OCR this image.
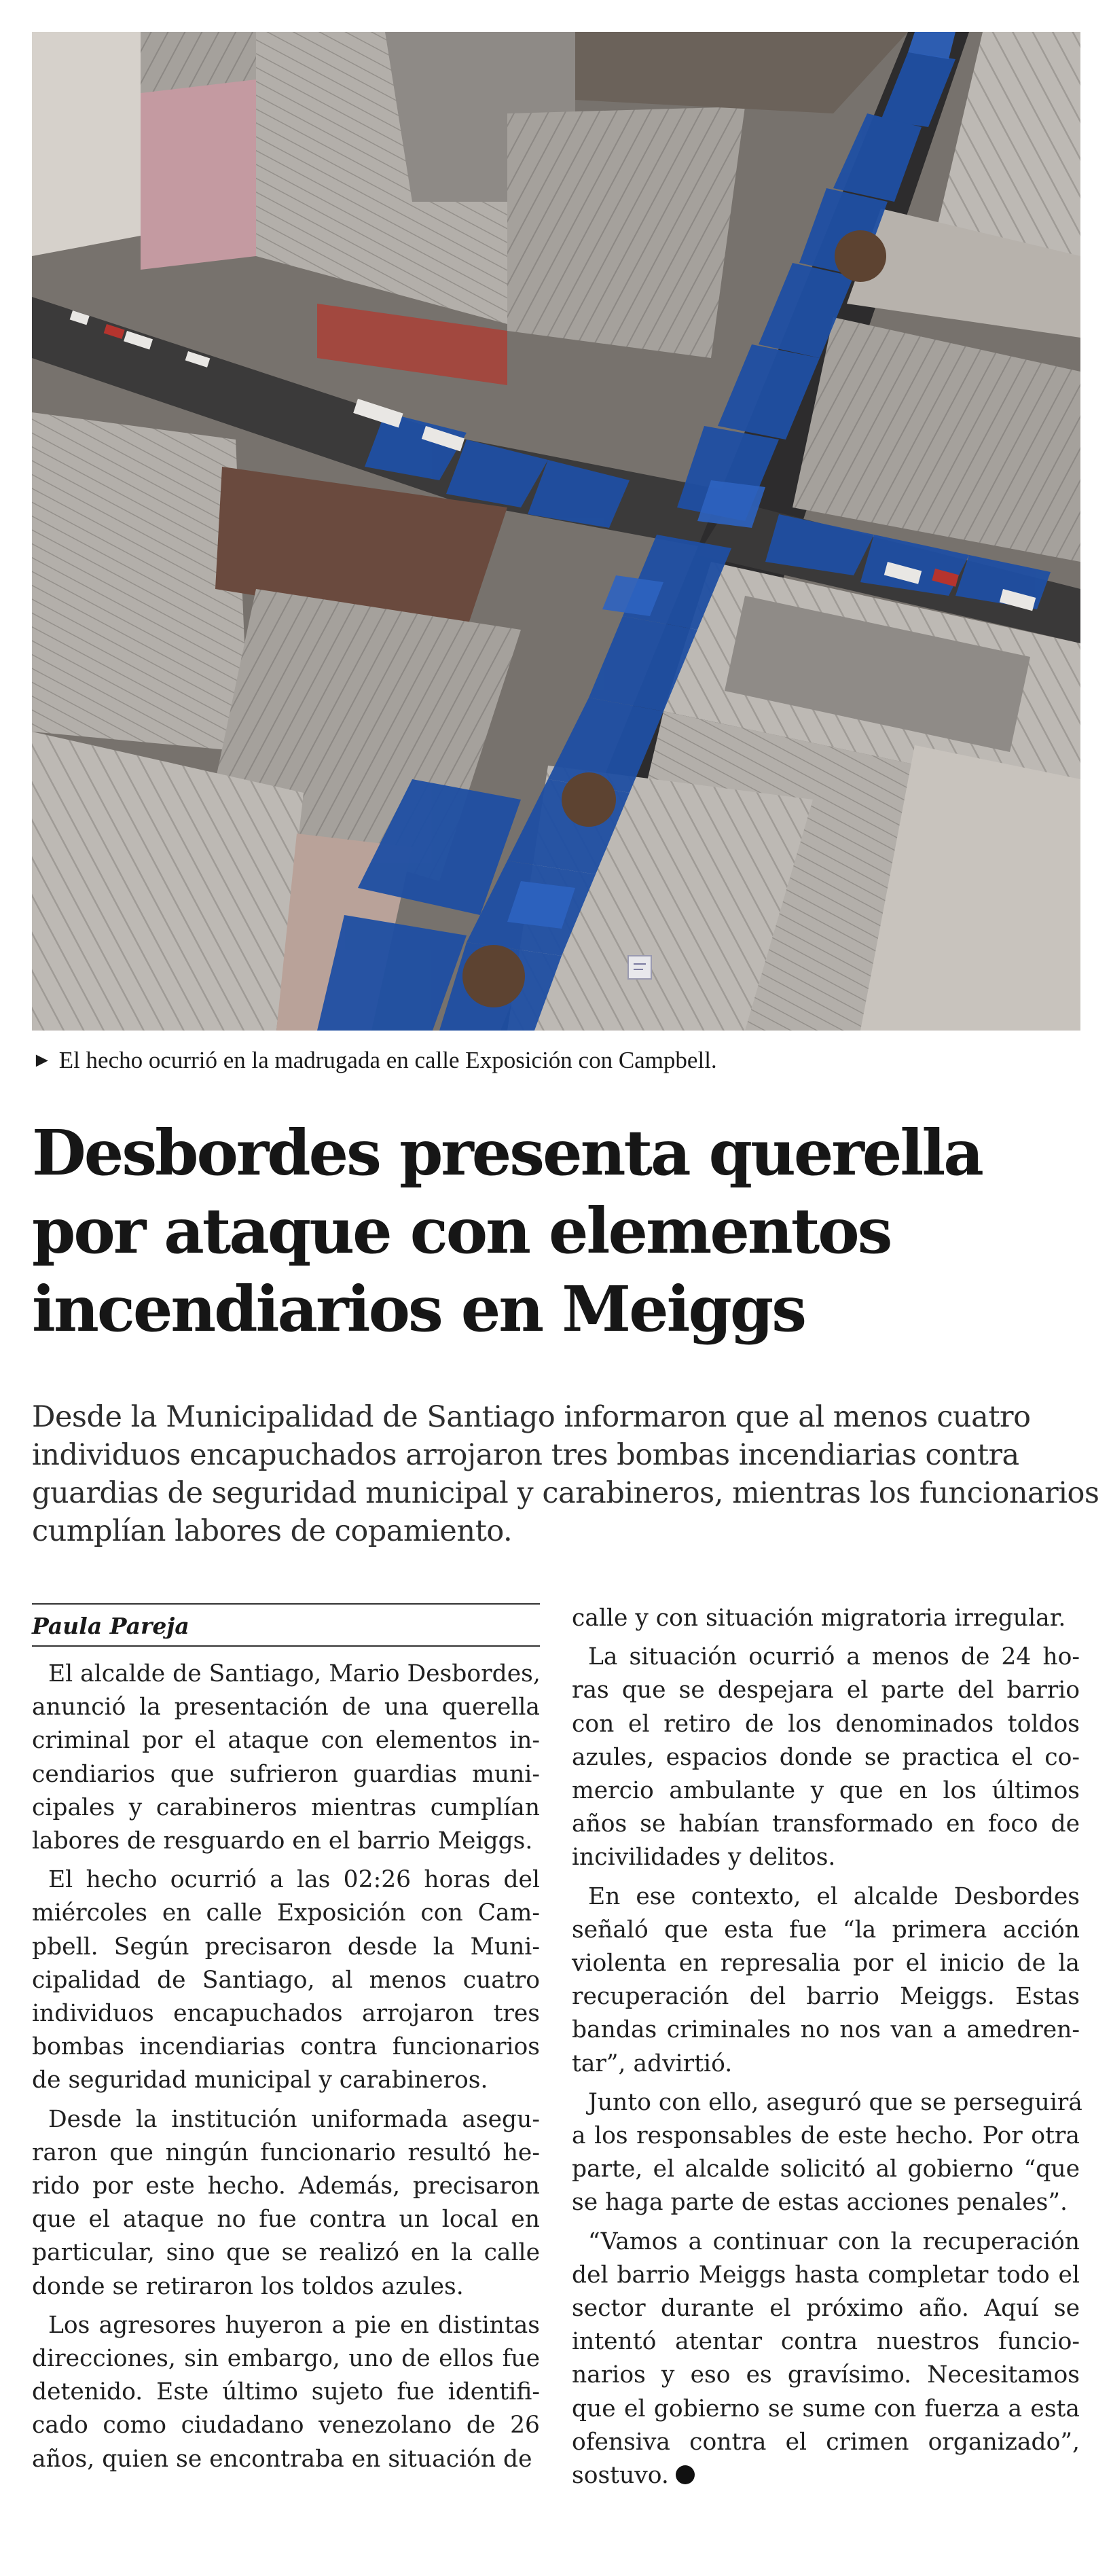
► El hecho ocurrió en la madrugada en calle Exposición con Campbell.
Desbordes presenta querella
por ataque con elementos
incendiarios en Meiggs
Desde la Municipalidad de Santiago informaron que al menos cuatro
individuos encapuchados arrojaron tres bombas incendiarias contra
guardias de seguridad municipal y carabineros, mientras los funcionarios
cumplían labores de copamiento.
Paula Pareja
El alcalde de Santiago, Mario Desbordes,
anunció la presentación de una querella
criminal por el ataque con elementos in-
cendiarios que sufrieron guardias muni-
cipales y carabineros mientras cumplían
labores de resguardo en el barrio Meiggs.
El hecho ocurrió a las 02:26 horas del
miércoles en calle Exposición con Cam-
pbell. Según precisaron desde la Muni-
cipalidad de Santiago, al menos cuatro
individuos encapuchados arrojaron tres
bombas incendiarias contra funcionarios
de seguridad municipal y carabineros.
Desde la institución uniformada asegu-
raron que ningún funcionario resultó he-
rido por este hecho. Además, precisaron
que el ataque no fue contra un local en
particular, sino que se realizó en la calle
donde se retiraron los toldos azules.
Los agresores huyeron a pie en distintas
direcciones, sin embargo, uno de ellos fue
detenido. Este último sujeto fue identifi-
cado como ciudadano venezolano de 26
años, quien se encontraba en situación de
calle y con situación migratoria irregular.
La situación ocurrió a menos de 24 ho-
ras que se despejara el parte del barrio
con el retiro de los denominados toldos
azules, espacios donde se practica el co-
mercio ambulante y que en los últimos
años se habían transformado en foco de
incivilidades y delitos.
En ese contexto, el alcalde Desbordes
señaló que esta fue “la primera acción
violenta en represalia por el inicio de la
recuperación del barrio Meiggs. Estas
bandas criminales no nos van a amedren-
tar”, advirtió.
Junto con ello, aseguró que se perseguirá
a los responsables de este hecho. Por otra
parte, el alcalde solicitó al gobierno “que
se haga parte de estas acciones penales”.
“Vamos a continuar con la recuperación
del barrio Meiggs hasta completar todo el
sector durante el próximo año. Aquí se
intentó atentar contra nuestros funcio-
narios y eso es gravísimo. Necesitamos
que el gobierno se sume con fuerza a esta
ofensiva contra el crimen organizado”,
sostuvo.
